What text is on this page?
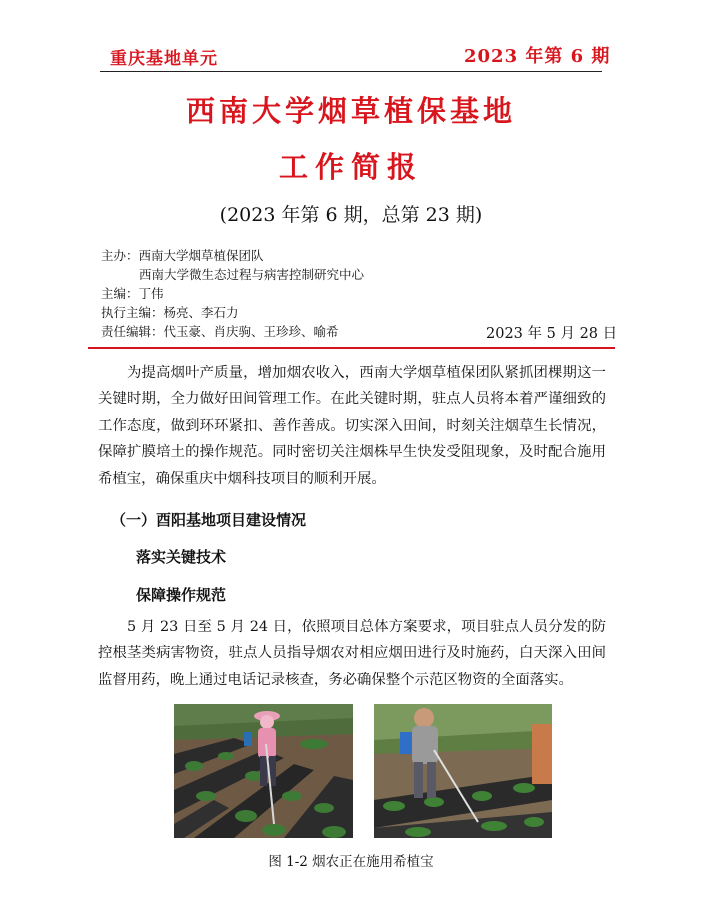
重庆基地单元	2023 年第 6 期
西南大学烟草植保基地
工作简报
(2023 年第 6 期，总第 23 期)
主办：西南大学烟草植保团队
西南大学微生态过程与病害控制研究中心
主编：丁伟
执行主编：杨亮、李石力
责任编辑：代玉豪、肖庆驹、王珍珍、喻希	2023 年 5 月 28 日

为提高烟叶产质量，增加烟农收入，西南大学烟草植保团队紧抓团棵期这一关键时期，全力做好田间管理工作。在此关键时期，驻点人员将本着严谨细致的工作态度，做到环环紧扣、善作善成。切实深入田间，时刻关注烟草生长情况，保障扩膜培土的操作规范。同时密切关注烟株早生快发受阻现象，及时配合施用希植宝，确保重庆中烟科技项目的顺利开展。

（一）酉阳基地项目建设情况
落实关键技术
保障操作规范

5 月 23 日至 5 月 24 日，依照项目总体方案要求，项目驻点人员分发的防控根茎类病害物资，驻点人员指导烟农对相应烟田进行及时施药，白天深入田间监督用药，晚上通过电话记录核查，务必确保整个示范区物资的全面落实。

图 1-2 烟农正在施用希植宝
